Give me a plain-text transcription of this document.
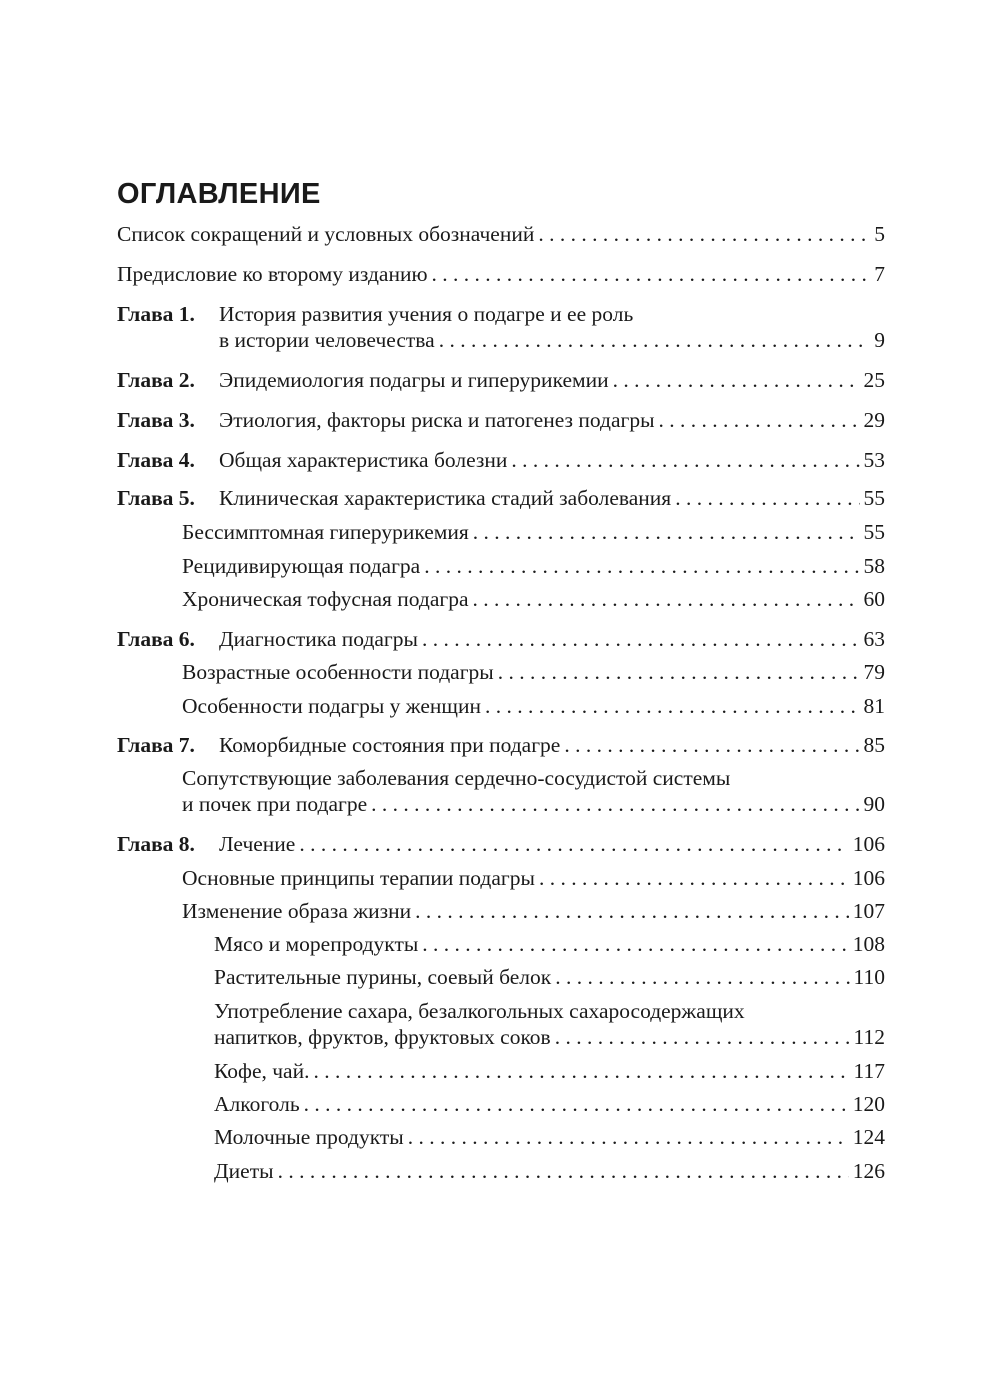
ОГЛАВЛЕНИЕ
Список сокращений и условных обозначений . . .	5
Предисловие ко второму изданию . . .	7
Глава 1.	История развития учения о подагре и ее роль
в истории человечества . . .	9
Глава 2.	Эпидемиология подагры и гиперурикемии . . .	25
Глава 3.	Этиология, факторы риска и патогенез подагры . . .	29
Глава 4.	Общая характеристика болезни . . .	53
Глава 5.	Клиническая характеристика стадий заболевания . . .	55
Бессимптомная гиперурикемия . . .	55
Рецидивирующая подагра . . .	58
Хроническая тофусная подагра . . .	60
Глава 6.	Диагностика подагры . . .	63
Возрастные особенности подагры . . .	79
Особенности подагры у женщин . . .	81
Глава 7.	Коморбидные состояния при подагре . . .	85
Сопутствующие заболевания сердечно-сосудистой системы
и почек при подагре . . .	90
Глава 8.	Лечение . . .	106
Основные принципы терапии подагры . . .	106
Изменение образа жизни . . .	107
Мясо и морепродукты . . .	108
Растительные пурины, соевый белок . . .	110
Употребление сахара, безалкогольных сахаросодержащих
напитков, фруктов, фруктовых соков . . .	112
Кофе, чай. . . .	117
Алкоголь . . .	120
Молочные продукты . . .	124
Диеты . . .	126
